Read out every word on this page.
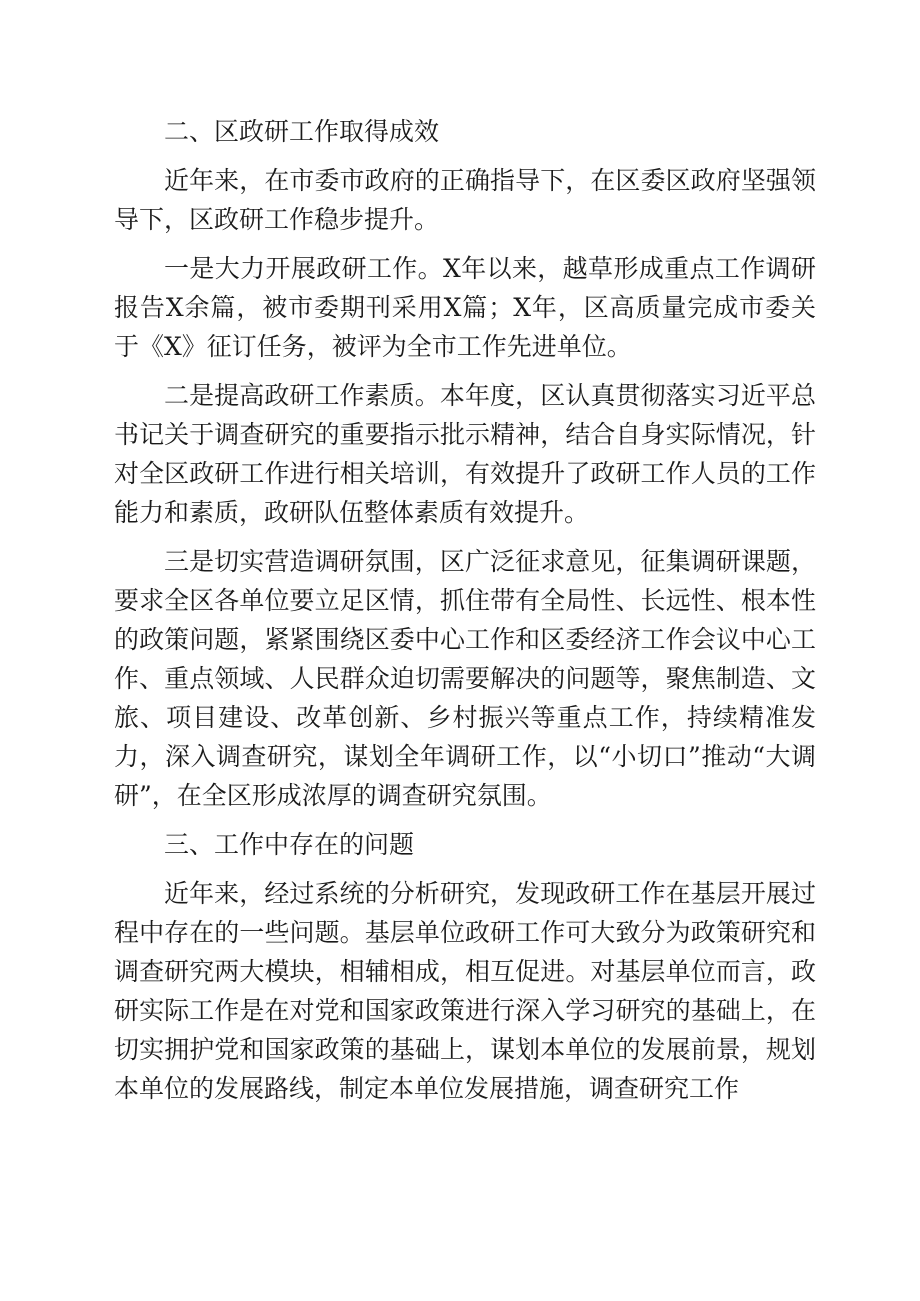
二、区政研工作取得成效

近年来，在市委市政府的正确指导下，在区委区政府坚强领导下，区政研工作稳步提升。

一是大力开展政研工作。X年以来，越草形成重点工作调研报告X余篇，被市委期刊采用X篇；X年，区高质量完成市委关于《X》征订任务，被评为全市工作先进单位。

二是提高政研工作素质。本年度，区认真贯彻落实习近平总书记关于调查研究的重要指示批示精神，结合自身实际情况，针对全区政研工作进行相关培训，有效提升了政研工作人员的工作能力和素质，政研队伍整体素质有效提升。

三是切实营造调研氛围，区广泛征求意见，征集调研课题，要求全区各单位要立足区情，抓住带有全局性、长远性、根本性的政策问题，紧紧围绕区委中心工作和区委经济工作会议中心工作、重点领域、人民群众迫切需要解决的问题等，聚焦制造、文旅、项目建设、改革创新、乡村振兴等重点工作，持续精准发力，深入调查研究，谋划全年调研工作，以“小切口”推动“大调研”，在全区形成浓厚的调查研究氛围。

三、工作中存在的问题

近年来，经过系统的分析研究，发现政研工作在基层开展过程中存在的一些问题。基层单位政研工作可大致分为政策研究和调查研究两大模块，相辅相成，相互促进。对基层单位而言，政研实际工作是在对党和国家政策进行深入学习研究的基础上，在切实拥护党和国家政策的基础上，谋划本单位的发展前景，规划本单位的发展路线，制定本单位发展措施，调查研究工作
